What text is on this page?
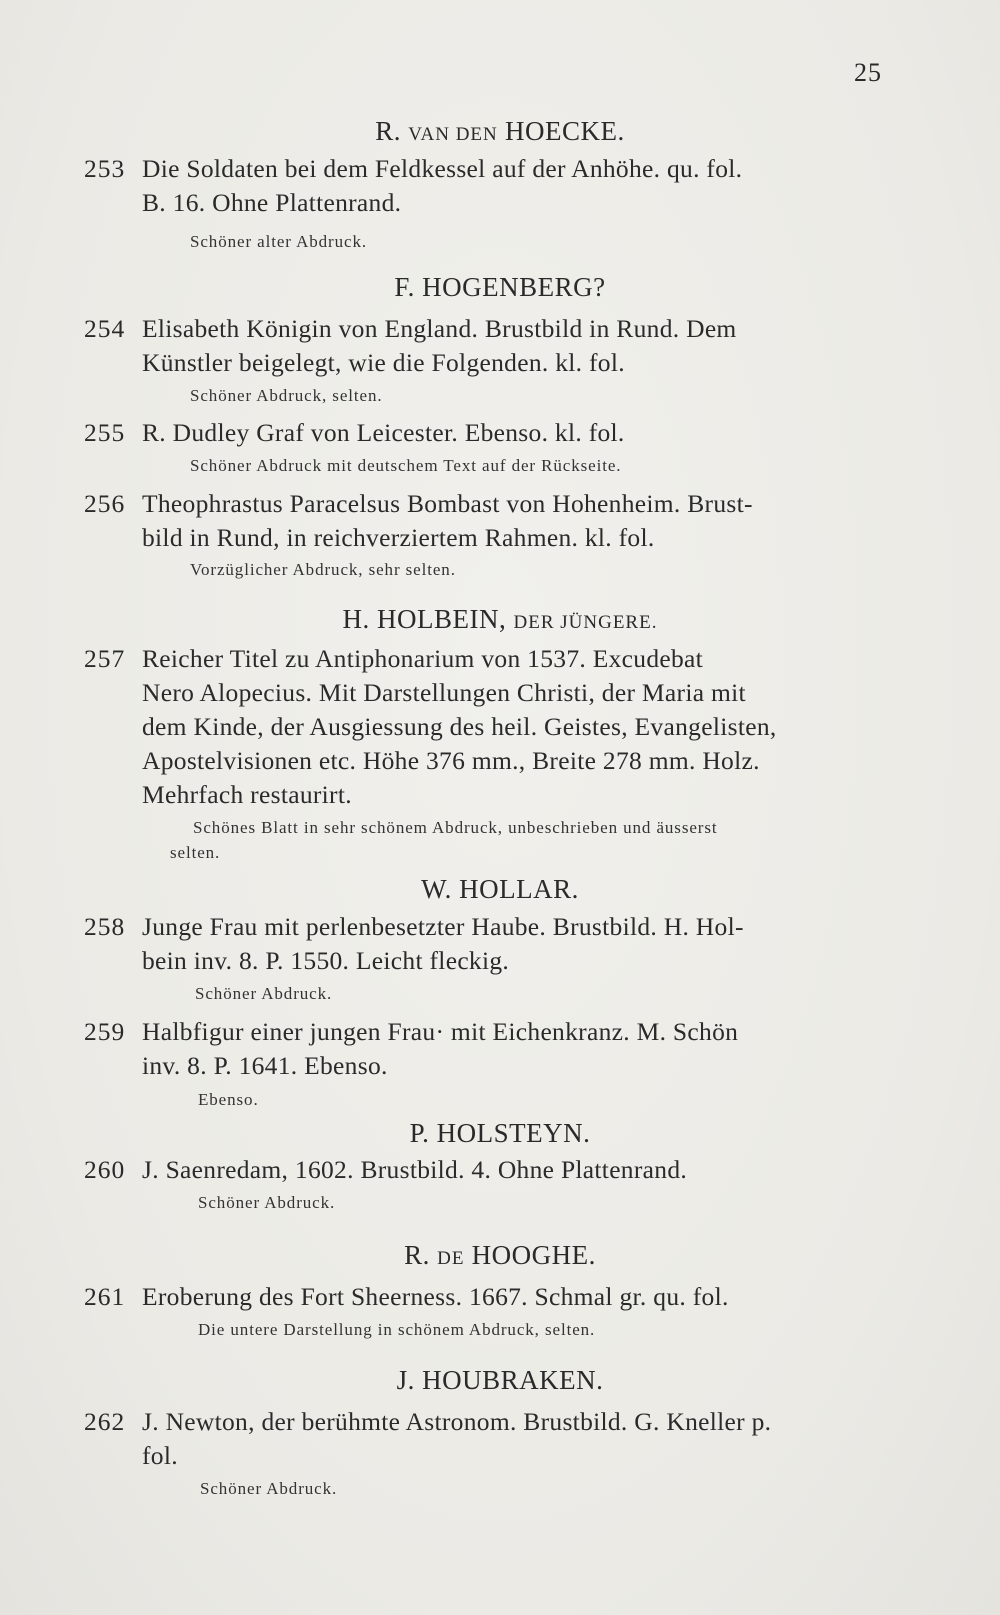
25
R. VAN DEN HOECKE.
253 Die Soldaten bei dem Feldkessel auf der Anhöhe. qu. fol.
B. 16. Ohne Plattenrand.
Schöner alter Abdruck.
F. HOGENBERG?
254 Elisabeth Königin von England. Brustbild in Rund. Dem
Künstler beigelegt, wie die Folgenden. kl. fol.
Schöner Abdruck, selten.
255 R. Dudley Graf von Leicester. Ebenso. kl. fol.
Schöner Abdruck mit deutschem Text auf der Rückseite.
256 Theophrastus Paracelsus Bombast von Hohenheim. Brust-
bild in Rund, in reichverziertem Rahmen. kl. fol.
Vorzüglicher Abdruck, sehr selten.
H. HOLBEIN, DER JÜNGERE.
257 Reicher Titel zu Antiphonarium von 1537. Excudebat
Nero Alopecius. Mit Darstellungen Christi, der Maria mit
dem Kinde, der Ausgiessung des heil. Geistes, Evangelisten,
Apostelvisionen etc. Höhe 376 mm., Breite 278 mm. Holz.
Mehrfach restaurirt.
Schönes Blatt in sehr schönem Abdruck, unbeschrieben und äusserst
selten.
W. HOLLAR.
258 Junge Frau mit perlenbesetzter Haube. Brustbild. H. Hol-
bein inv. 8. P. 1550. Leicht fleckig.
Schöner Abdruck.
259 Halbfigur einer jungen Frau· mit Eichenkranz. M. Schön
inv. 8. P. 1641. Ebenso.
Ebenso.
P. HOLSTEYN.
260 J. Saenredam, 1602. Brustbild. 4. Ohne Plattenrand.
Schöner Abdruck.
R. DE HOOGHE.
261 Eroberung des Fort Sheerness. 1667. Schmal gr. qu. fol.
Die untere Darstellung in schönem Abdruck, selten.
J. HOUBRAKEN.
262 J. Newton, der berühmte Astronom. Brustbild. G. Kneller p.
fol.
Schöner Abdruck.
